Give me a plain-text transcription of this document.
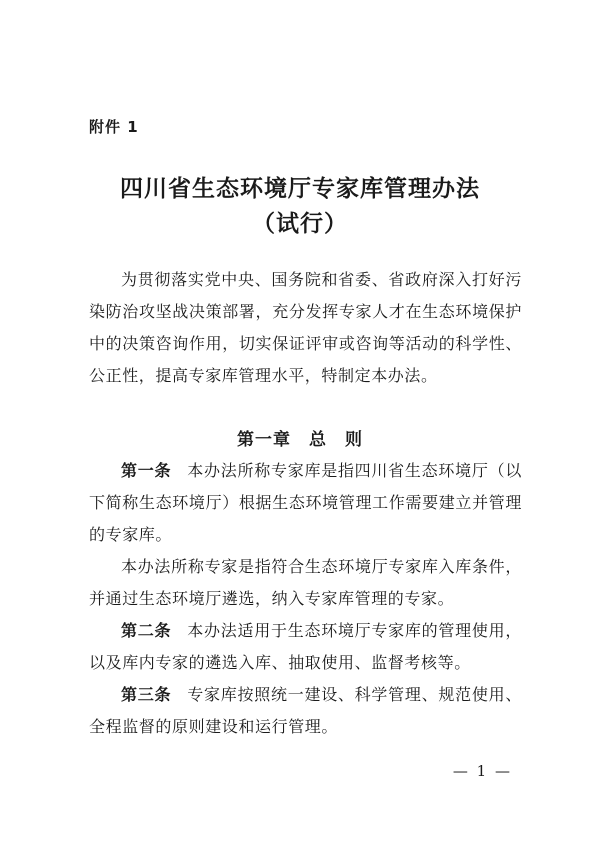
附件 1
四川省生态环境厅专家库管理办法
（试行）

为贯彻落实党中央、国务院和省委、省政府深入打好污染防治攻坚战决策部署，充分发挥专家人才在生态环境保护中的决策咨询作用，切实保证评审或咨询等活动的科学性、公正性，提高专家库管理水平，特制定本办法。

第一章　总　则

第一条 本办法所称专家库是指四川省生态环境厅（以下简称生态环境厅）根据生态环境管理工作需要建立并管理的专家库。

本办法所称专家是指符合生态环境厅专家库入库条件，并通过生态环境厅遴选，纳入专家库管理的专家。

第二条 本办法适用于生态环境厅专家库的管理使用，以及库内专家的遴选入库、抽取使用、监督考核等。

第三条 专家库按照统一建设、科学管理、规范使用、全程监督的原则建设和运行管理。

— 1 —
